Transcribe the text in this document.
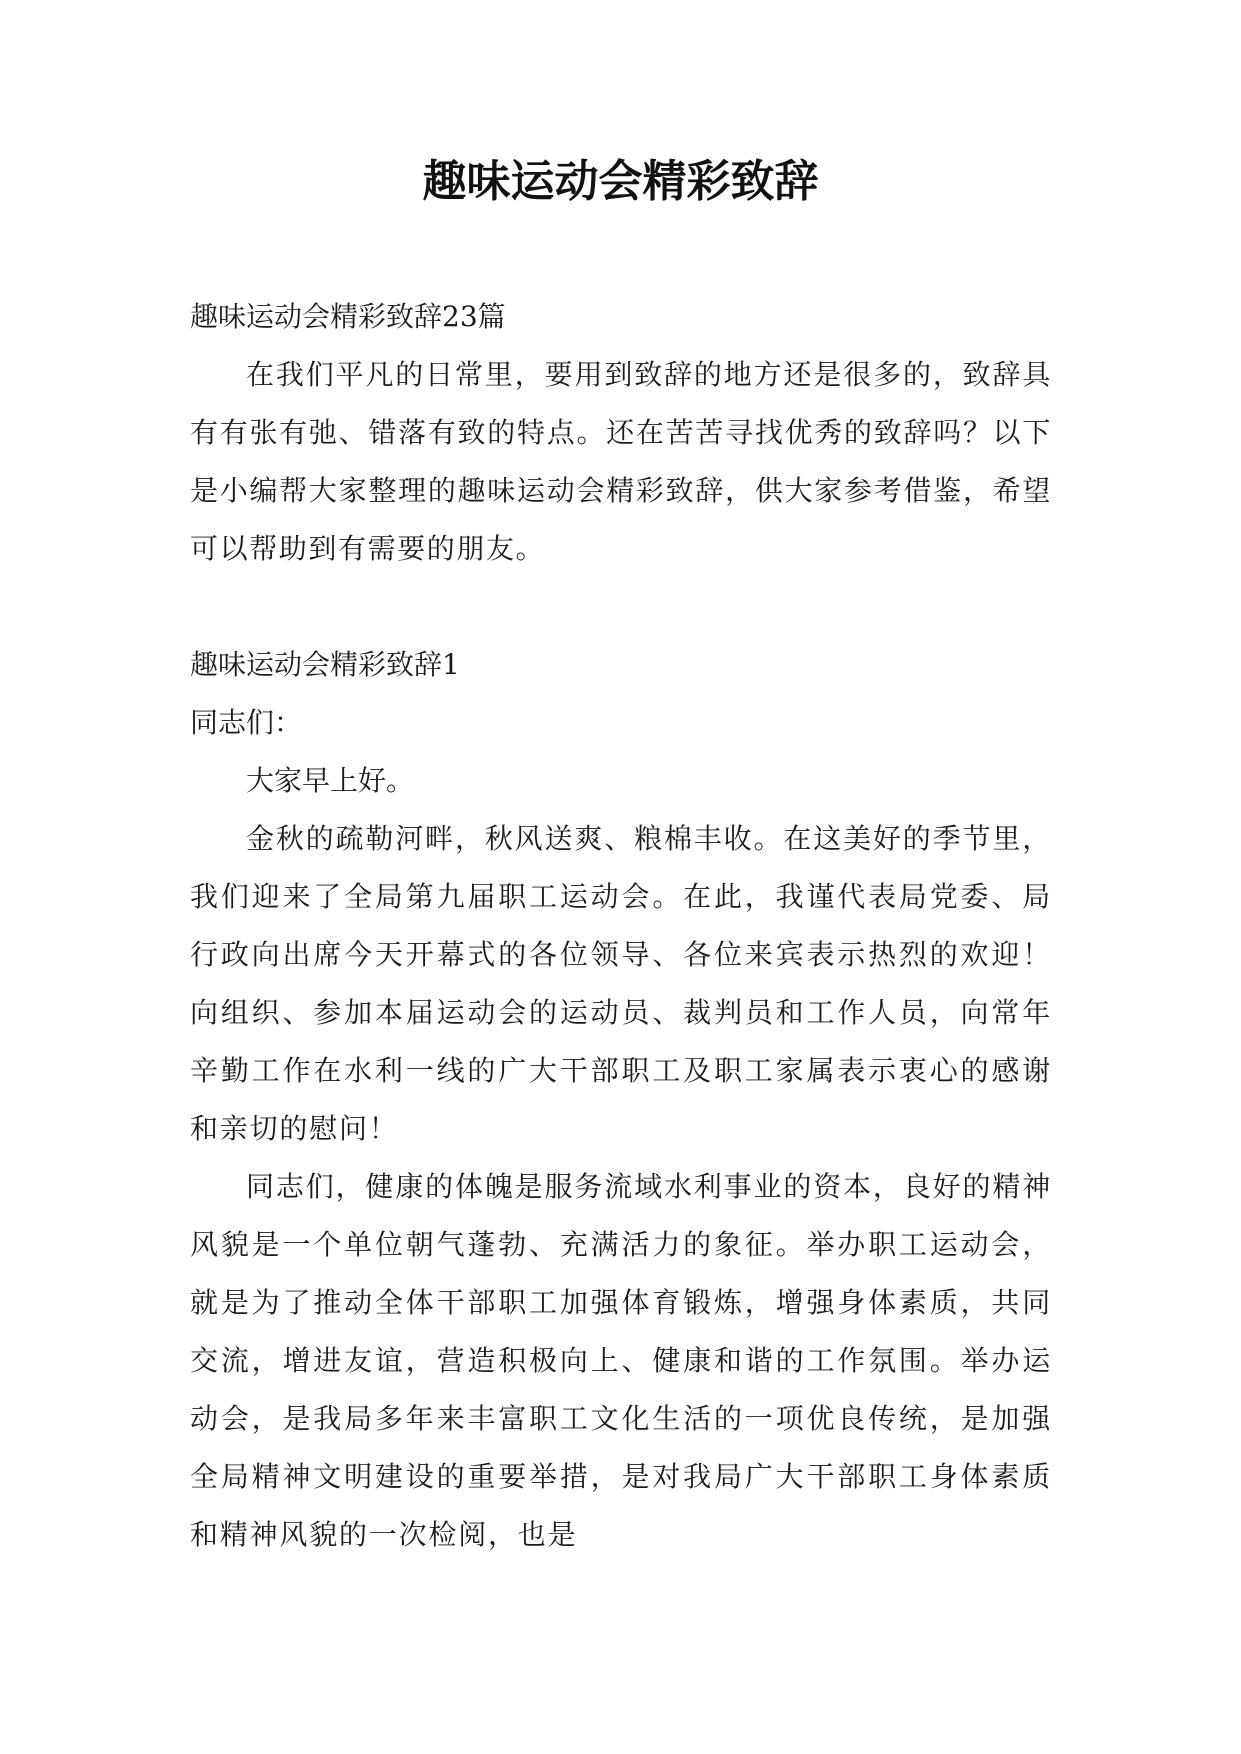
趣味运动会精彩致辞

趣味运动会精彩致辞23篇

在我们平凡的日常里，要用到致辞的地方还是很多的，致辞具有有张有弛、错落有致的特点。还在苦苦寻找优秀的致辞吗？以下是小编帮大家整理的趣味运动会精彩致辞，供大家参考借鉴，希望可以帮助到有需要的朋友。

趣味运动会精彩致辞1

同志们：

大家早上好。

金秋的疏勒河畔，秋风送爽、粮棉丰收。在这美好的季节里，我们迎来了全局第九届职工运动会。在此，我谨代表局党委、局行政向出席今天开幕式的各位领导、各位来宾表示热烈的欢迎！向组织、参加本届运动会的运动员、裁判员和工作人员，向常年辛勤工作在水利一线的广大干部职工及职工家属表示衷心的感谢和亲切的慰问！

同志们，健康的体魄是服务流域水利事业的资本，良好的精神风貌是一个单位朝气蓬勃、充满活力的象征。举办职工运动会，就是为了推动全体干部职工加强体育锻炼，增强身体素质，共同交流，增进友谊，营造积极向上、健康和谐的工作氛围。举办运动会，是我局多年来丰富职工文化生活的一项优良传统，是加强全局精神文明建设的重要举措，是对我局广大干部职工身体素质和精神风貌的一次检阅，也是
